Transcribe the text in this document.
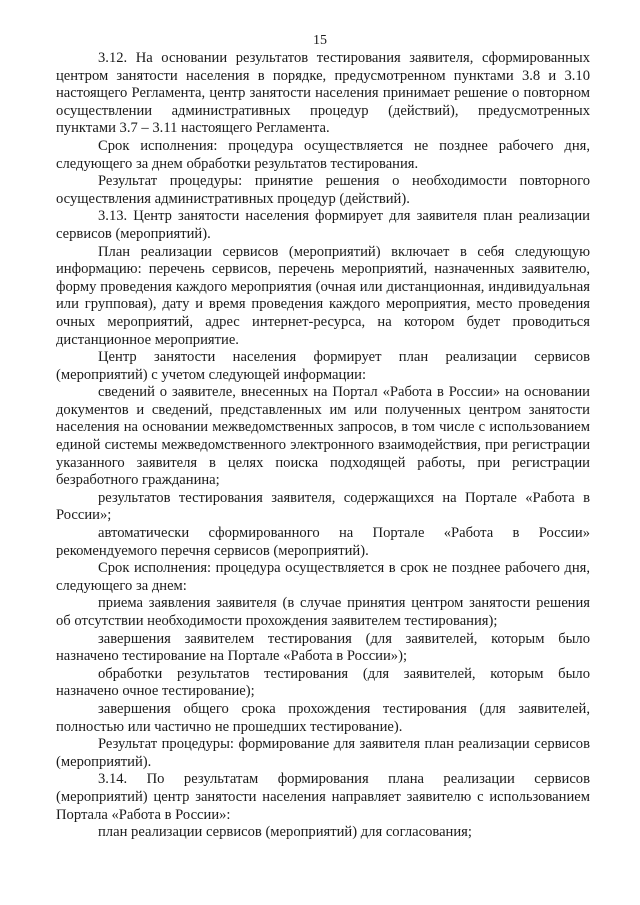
15

3.12. На основании результатов тестирования заявителя, сформированных центром занятости населения в порядке, предусмотренном пунктами 3.8 и 3.10 настоящего Регламента, центр занятости населения принимает решение о повторном осуществлении административных процедур (действий), предусмотренных пунктами 3.7 – 3.11 настоящего Регламента.

Срок исполнения: процедура осуществляется не позднее рабочего дня, следующего за днем обработки результатов тестирования.

Результат процедуры: принятие решения о необходимости повторного осуществления административных процедур (действий).

3.13. Центр занятости населения формирует для заявителя план реализации сервисов (мероприятий).

План реализации сервисов (мероприятий) включает в себя следующую информацию: перечень сервисов, перечень мероприятий, назначенных заявителю, форму проведения каждого мероприятия (очная или дистанционная, индивидуальная или групповая), дату и время проведения каждого мероприятия, место проведения очных мероприятий, адрес интернет-ресурса, на котором будет проводиться дистанционное мероприятие.

Центр занятости населения формирует план реализации сервисов (мероприятий) с учетом следующей информации:

сведений о заявителе, внесенных на Портал «Работа в России» на основании документов и сведений, представленных им или полученных центром занятости населения на основании межведомственных запросов, в том числе с использованием единой системы межведомственного электронного взаимодействия, при регистрации указанного заявителя в целях поиска подходящей работы, при регистрации безработного гражданина;

результатов тестирования заявителя, содержащихся на Портале «Работа в России»;

автоматически сформированного на Портале «Работа в России» рекомендуемого перечня сервисов (мероприятий).

Срок исполнения: процедура осуществляется в срок не позднее рабочего дня, следующего за днем:

приема заявления заявителя (в случае принятия центром занятости решения об отсутствии необходимости прохождения заявителем тестирования);

завершения заявителем тестирования (для заявителей, которым было назначено тестирование на Портале «Работа в России»);

обработки результатов тестирования (для заявителей, которым было назначено очное тестирование);

завершения общего срока прохождения тестирования (для заявителей, полностью или частично не прошедших тестирование).

Результат процедуры: формирование для заявителя план реализации сервисов (мероприятий).

3.14. По результатам формирования плана реализации сервисов (мероприятий) центр занятости населения направляет заявителю с использованием Портала «Работа в России»:

план реализации сервисов (мероприятий) для согласования;
